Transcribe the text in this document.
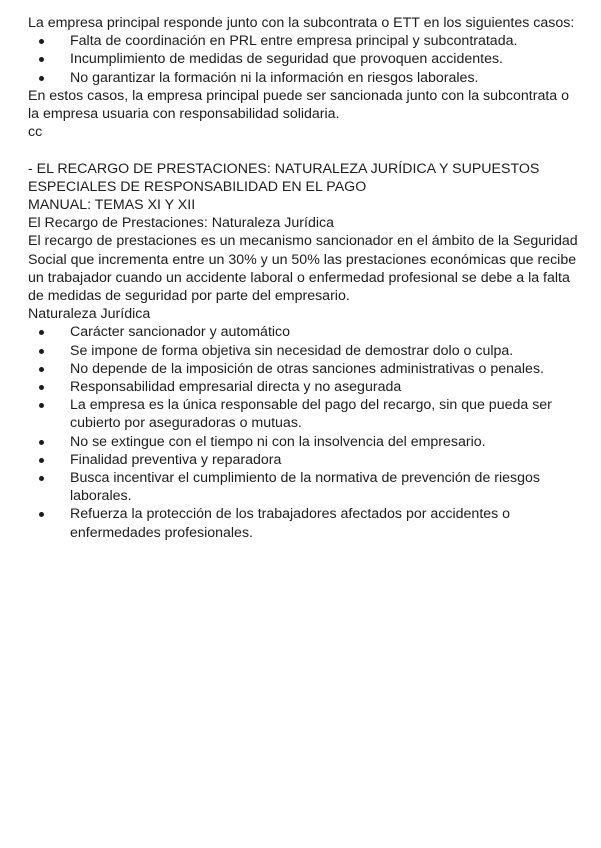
La empresa principal responde junto con la subcontrata o ETT en los siguientes casos:

Falta de coordinación en PRL entre empresa principal y subcontratada.
Incumplimiento de medidas de seguridad que provoquen accidentes.
No garantizar la formación ni la información en riesgos laborales.

En estos casos, la empresa principal puede ser sancionada junto con la subcontrata o la empresa usuaria con responsabilidad solidaria.

cc

- EL RECARGO DE PRESTACIONES: NATURALEZA JURÍDICA Y SUPUESTOS ESPECIALES DE RESPONSABILIDAD EN EL PAGO

MANUAL: TEMAS XI Y XII

El Recargo de Prestaciones: Naturaleza Jurídica

El recargo de prestaciones es un mecanismo sancionador en el ámbito de la Seguridad Social que incrementa entre un 30% y un 50% las prestaciones económicas que recibe un trabajador cuando un accidente laboral o enfermedad profesional se debe a la falta de medidas de seguridad por parte del empresario.

Naturaleza Jurídica

Carácter sancionador y automático
Se impone de forma objetiva sin necesidad de demostrar dolo o culpa.
No depende de la imposición de otras sanciones administrativas o penales.
Responsabilidad empresarial directa y no asegurada
La empresa es la única responsable del pago del recargo, sin que pueda ser cubierto por aseguradoras o mutuas.
No se extingue con el tiempo ni con la insolvencia del empresario.
Finalidad preventiva y reparadora
Busca incentivar el cumplimiento de la normativa de prevención de riesgos laborales.
Refuerza la protección de los trabajadores afectados por accidentes o enfermedades profesionales.
